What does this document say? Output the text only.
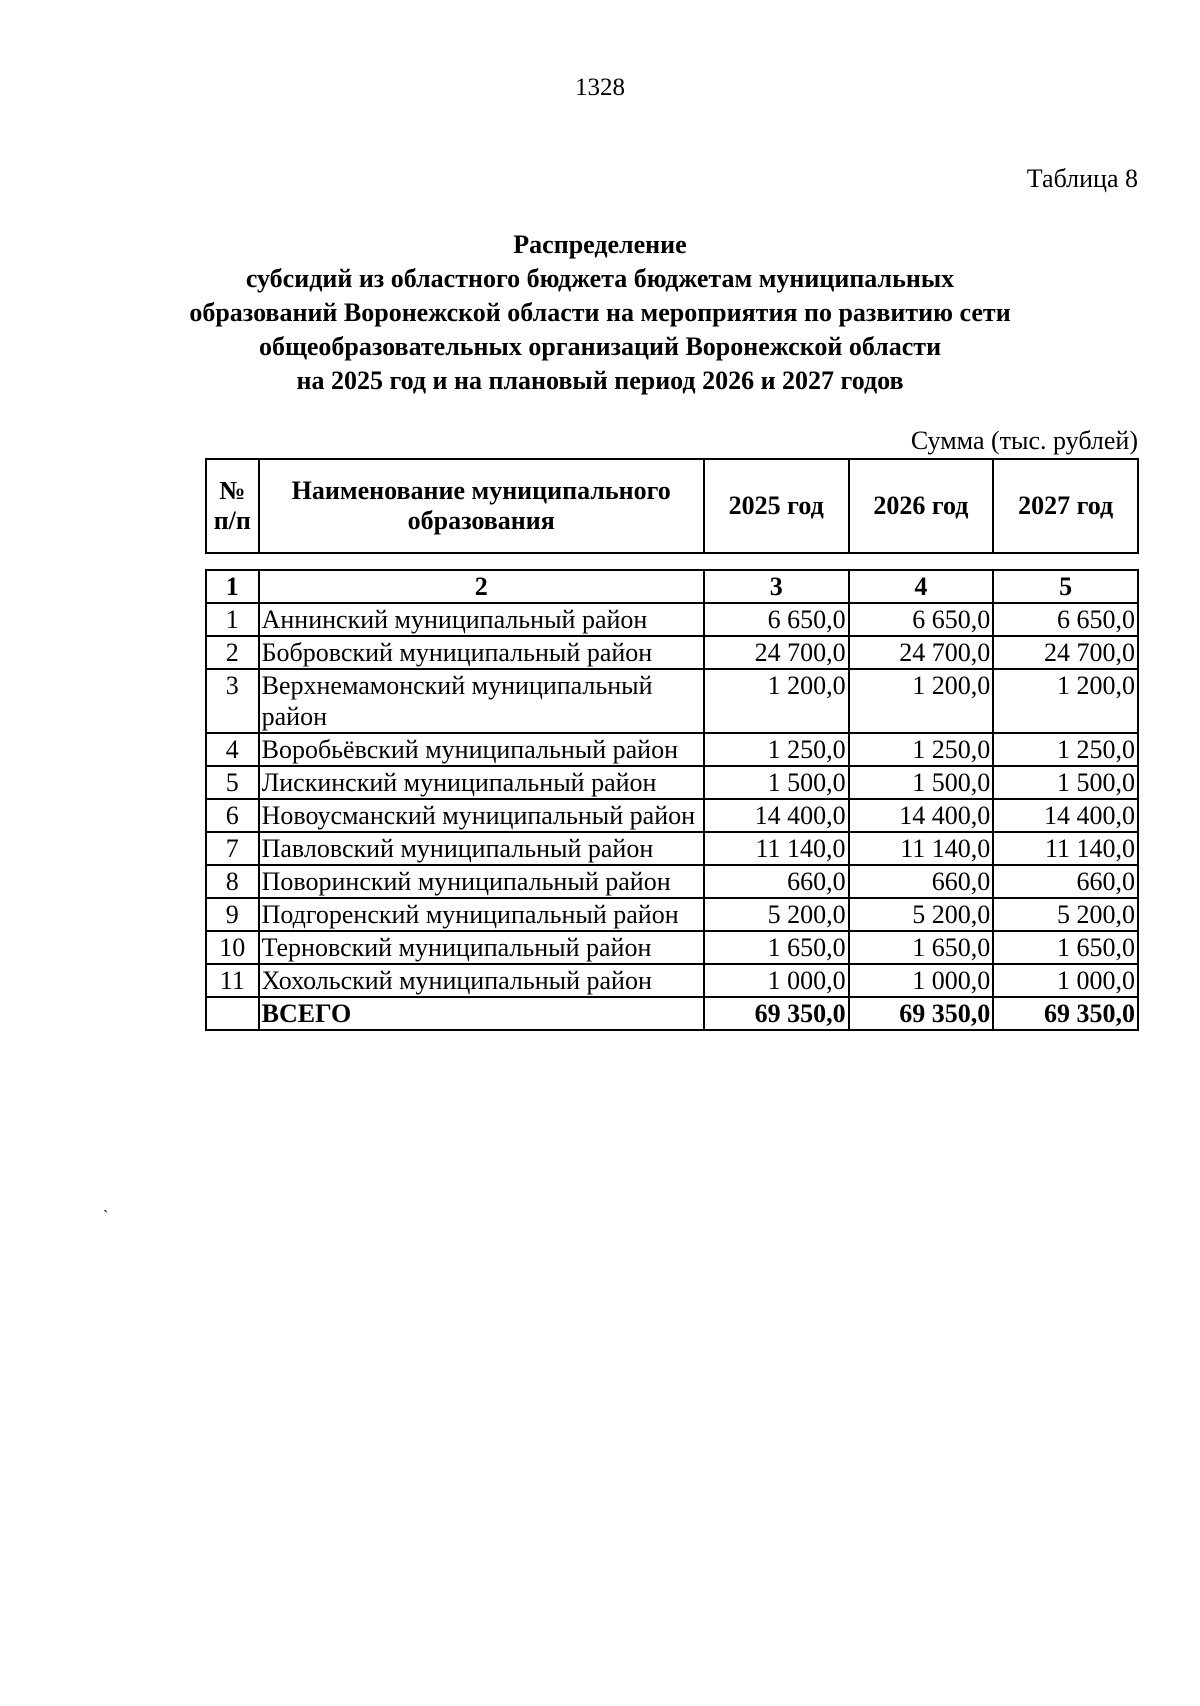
1328
Таблица 8
Распределение
субсидий из областного бюджета бюджетам муниципальных
образований Воронежской области на мероприятия по развитию сети
общеобразовательных организаций Воронежской области
на 2025 год и на плановый период 2026 и 2027 годов
Сумма (тыс. рублей)
№ п/п	Наименование муниципального образования	2025 год	2026 год	2027 год
1	2	3	4	5
1	Аннинский муниципальный район	6 650,0	6 650,0	6 650,0
2	Бобровский муниципальный район	24 700,0	24 700,0	24 700,0
3	Верхнемамонский муниципальный район	1 200,0	1 200,0	1 200,0
4	Воробьёвский муниципальный район	1 250,0	1 250,0	1 250,0
5	Лискинский муниципальный район	1 500,0	1 500,0	1 500,0
6	Новоусманский муниципальный район	14 400,0	14 400,0	14 400,0
7	Павловский муниципальный район	11 140,0	11 140,0	11 140,0
8	Поворинский муниципальный район	660,0	660,0	660,0
9	Подгоренский муниципальный район	5 200,0	5 200,0	5 200,0
10	Терновский муниципальный район	1 650,0	1 650,0	1 650,0
11	Хохольский муниципальный район	1 000,0	1 000,0	1 000,0
	ВСЕГО	69 350,0	69 350,0	69 350,0
`
